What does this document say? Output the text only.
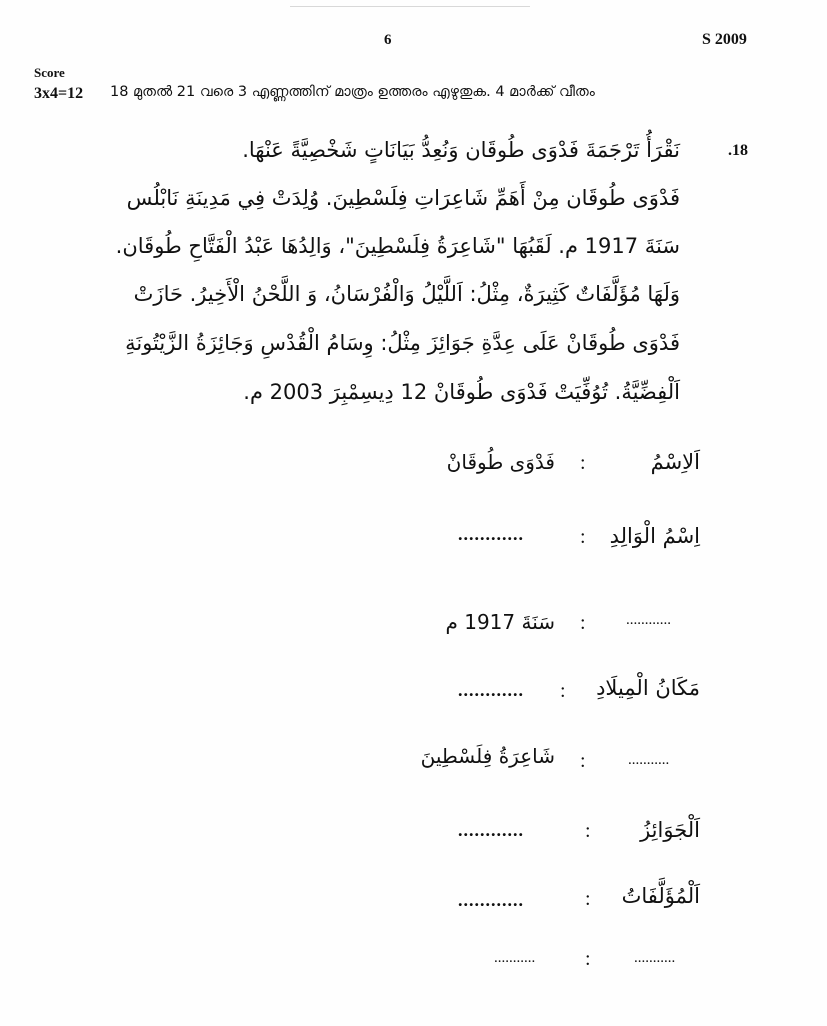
6	S 2009
Score
3x4=12 18 മുതൽ 21 വരെ 3 എണ്ണത്തിന് മാത്രം ഉത്തരം എഴുതുക. 4 മാർക്ക് വീതം
.18
نَقْرَأُ تَرْجَمَةَ فَدْوَى طُوقَان وَنُعِدُّ بَيَانَاتٍ شَخْصِيَّةً عَنْهَا.
فَدْوَى طُوقَان مِنْ أَهَمِّ شَاعِرَاتِ فِلَسْطِينَ. وُلِدَتْ فِي مَدِينَةِ نَابْلُس
سَنَةَ 1917 م. لَقَبُهَا "شَاعِرَةُ فِلَسْطِينَ"، وَالِدُهَا عَبْدُ الْفَتَّاحِ طُوقَان.
وَلَهَا مُؤَلَّفَاتٌ كَثِيرَةٌ، مِثْلُ: اَللَّيْلُ وَالْفُرْسَانُ، وَ اللَّحْنُ الْأَخِيرُ. حَازَتْ
فَدْوَى طُوقَانْ عَلَى عِدَّةِ جَوَائِزَ مِثْلُ: وِسَامُ الْقُدْسِ وَجَائِزَةُ الزَّيْتُونَةِ
اَلْفِضِّيَّةُ. تُوُفِّيَتْ فَدْوَى طُوقَانْ 12 دِيسِمْبِرَ 2003 م.
اَلاِسْمُ
:
فَدْوَى طُوقَانْ
اِسْمُ الْوَالِدِ
:
............
............
:
سَنَةَ 1917 م
مَكَانُ الْمِيلَادِ
:
............
...........
:
شَاعِرَةُ فِلَسْطِينَ
اَلْجَوَائِزُ
:
............
اَلْمُؤَلَّفَاتُ
:
............
...........
:
...........
